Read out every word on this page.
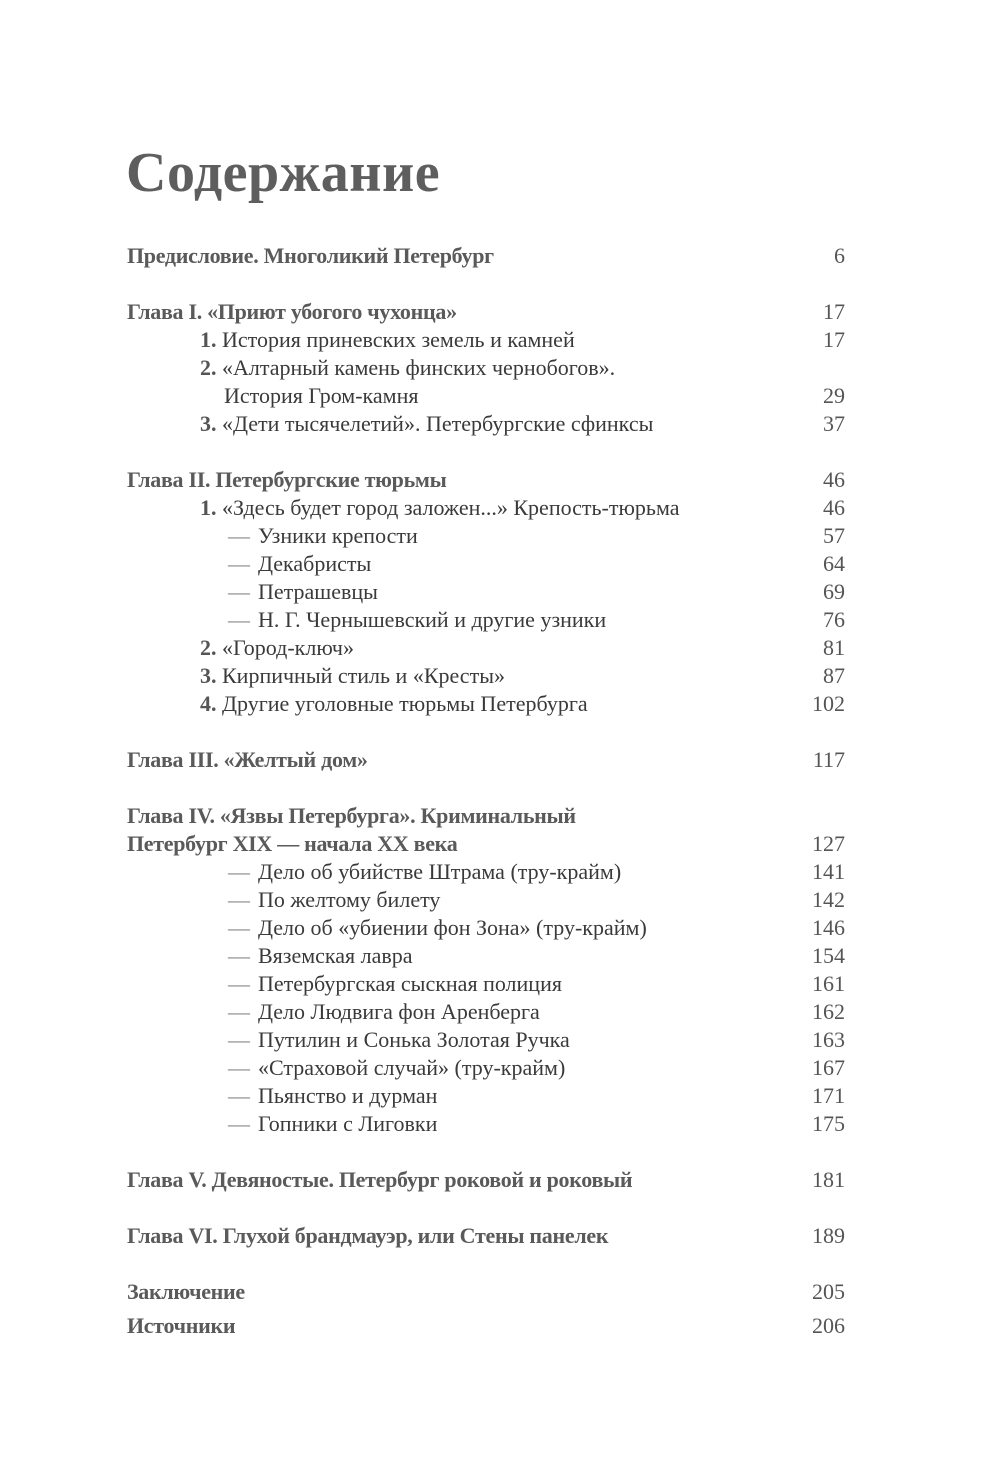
Содержание
Предисловие. Многоликий Петербург	6
Глава I. «Приют убогого чухонца»	17
1. История приневских земель и камней	17
2. «Алтарный камень финских чернобогов».
История Гром-камня	29
3. «Дети тысячелетий». Петербургские сфинксы	37
Глава II. Петербургские тюрьмы	46
1. «Здесь будет город заложен...» Крепость-тюрьма	46
— Узники крепости	57
— Декабристы	64
— Петрашевцы	69
— Н. Г. Чернышевский и другие узники	76
2. «Город-ключ»	81
3. Кирпичный стиль и «Кресты»	87
4. Другие уголовные тюрьмы Петербурга	102
Глава III. «Желтый дом»	117
Глава IV. «Язвы Петербурга». Криминальный
Петербург XIX — начала XX века	127
— Дело об убийстве Штрама (тру-крайм)	141
— По желтому билету	142
— Дело об «убиении фон Зона» (тру-крайм)	146
— Вяземская лавра	154
— Петербургская сыскная полиция	161
— Дело Людвига фон Аренберга	162
— Путилин и Сонька Золотая Ручка	163
— «Страховой случай» (тру-крайм)	167
— Пьянство и дурман	171
— Гопники с Лиговки	175
Глава V. Девяностые. Петербург роковой и роковый	181
Глава VI. Глухой брандмауэр, или Стены панелек	189
Заключение	205
Источники	206
